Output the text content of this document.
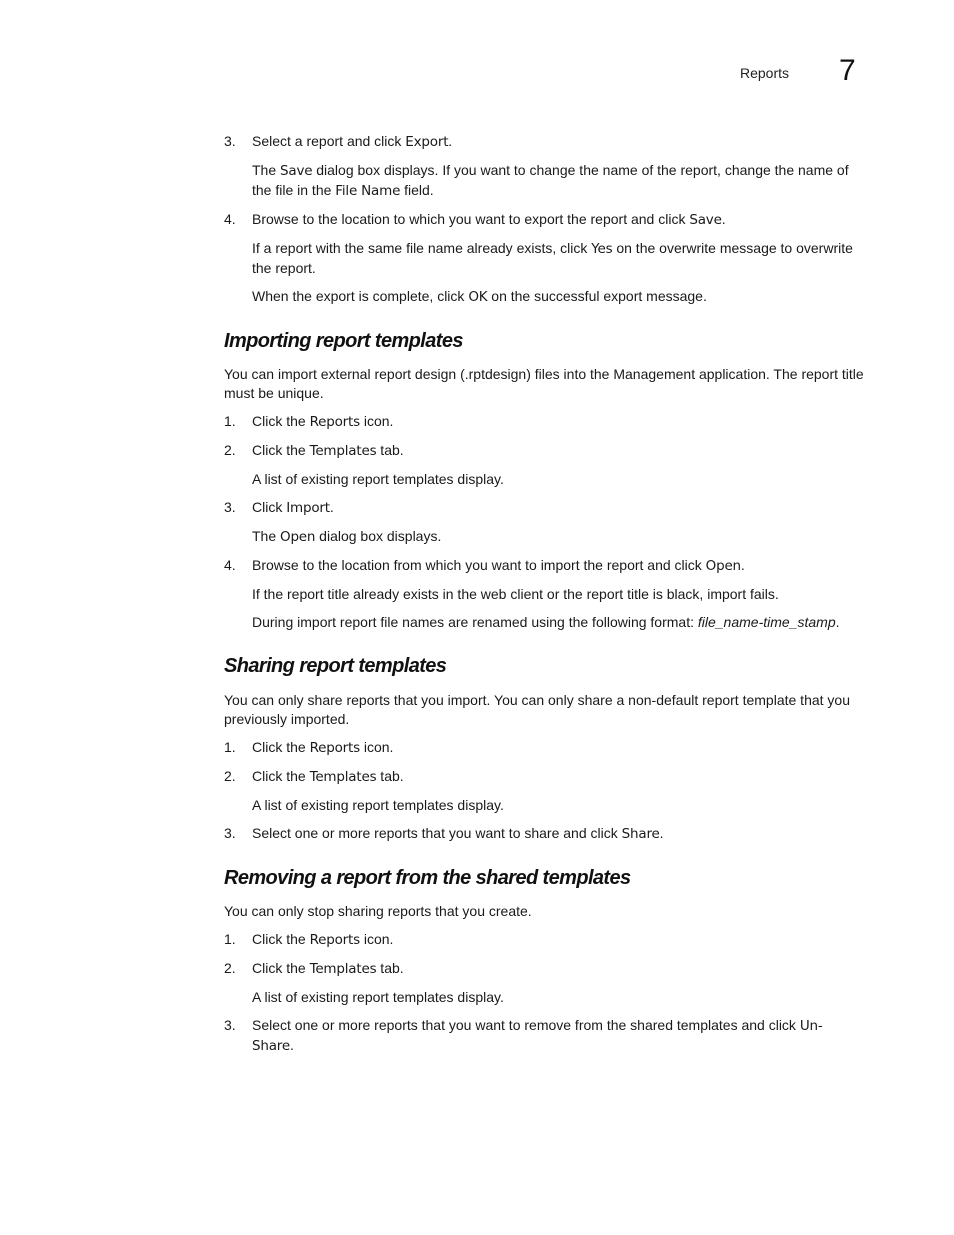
Reports 7
3.	Select a report and click Export.
The Save dialog box displays. If you want to change the name of the report, change the name of the file in the File Name field.
4.	Browse to the location to which you want to export the report and click Save.
If a report with the same file name already exists, click Yes on the overwrite message to overwrite the report.
When the export is complete, click OK on the successful export message.
Importing report templates

You can import external report design (.rptdesign) files into the Management application. The report title must be unique.

1.	Click the Reports icon.
2.	Click the Templates tab.
A list of existing report templates display.
3.	Click Import.
The Open dialog box displays.
4.	Browse to the location from which you want to import the report and click Open.
If the report title already exists in the web client or the report title is black, import fails.
During import report file names are renamed using the following format: file_name-time_stamp.
Sharing report templates

You can only share reports that you import. You can only share a non-default report template that you previously imported.

1.	Click the Reports icon.
2.	Click the Templates tab.
A list of existing report templates display.
3.	Select one or more reports that you want to share and click Share.
Removing a report from the shared templates

You can only stop sharing reports that you create.

1.	Click the Reports icon.
2.	Click the Templates tab.
A list of existing report templates display.
3.	Select one or more reports that you want to remove from the shared templates and click Un-Share.
